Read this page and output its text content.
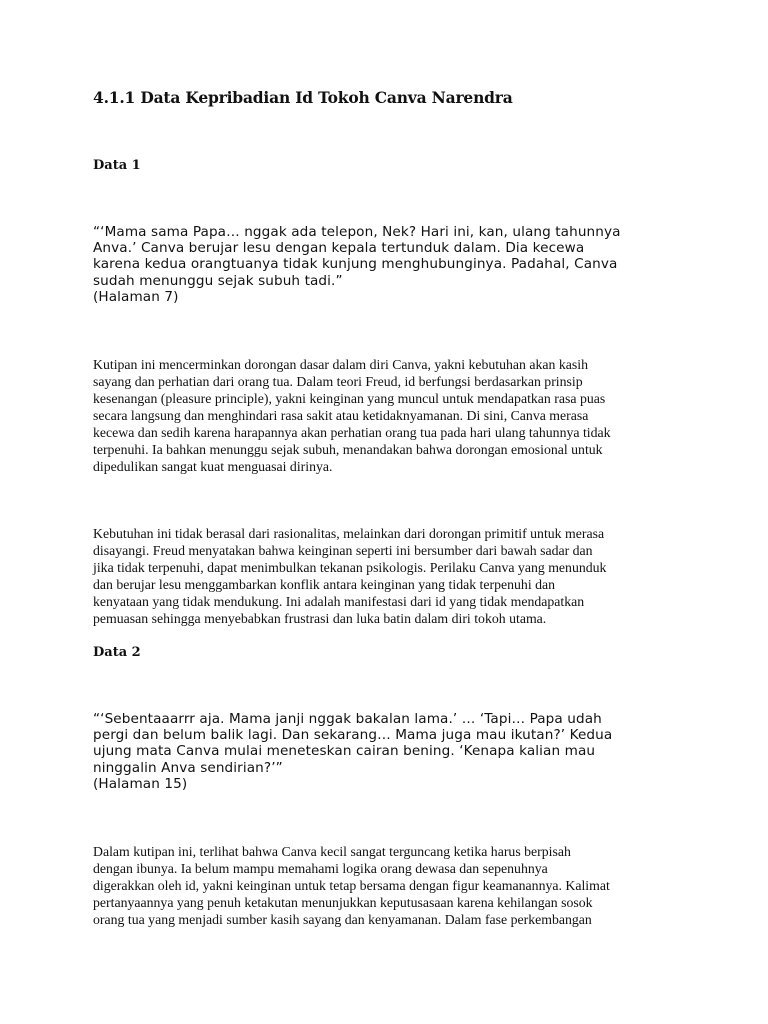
4.1.1 Data Kepribadian Id Tokoh Canva Narendra
Data 1
“‘Mama sama Papa… nggak ada telepon, Nek? Hari ini, kan, ulang tahunnya
Anva.’ Canva berujar lesu dengan kepala tertunduk dalam. Dia kecewa
karena kedua orangtuanya tidak kunjung menghubunginya. Padahal, Canva
sudah menunggu sejak subuh tadi.”
(Halaman 7)
Kutipan ini mencerminkan dorongan dasar dalam diri Canva, yakni kebutuhan akan kasih
sayang dan perhatian dari orang tua. Dalam teori Freud, id berfungsi berdasarkan prinsip
kesenangan (pleasure principle), yakni keinginan yang muncul untuk mendapatkan rasa puas
secara langsung dan menghindari rasa sakit atau ketidaknyamanan. Di sini, Canva merasa
kecewa dan sedih karena harapannya akan perhatian orang tua pada hari ulang tahunnya tidak
terpenuhi. Ia bahkan menunggu sejak subuh, menandakan bahwa dorongan emosional untuk
dipedulikan sangat kuat menguasai dirinya.
Kebutuhan ini tidak berasal dari rasionalitas, melainkan dari dorongan primitif untuk merasa
disayangi. Freud menyatakan bahwa keinginan seperti ini bersumber dari bawah sadar dan
jika tidak terpenuhi, dapat menimbulkan tekanan psikologis. Perilaku Canva yang menunduk
dan berujar lesu menggambarkan konflik antara keinginan yang tidak terpenuhi dan
kenyataan yang tidak mendukung. Ini adalah manifestasi dari id yang tidak mendapatkan
pemuasan sehingga menyebabkan frustrasi dan luka batin dalam diri tokoh utama.
Data 2
“‘Sebentaaarrr aja. Mama janji nggak bakalan lama.’ … ‘Tapi… Papa udah
pergi dan belum balik lagi. Dan sekarang… Mama juga mau ikutan?’ Kedua
ujung mata Canva mulai meneteskan cairan bening. ‘Kenapa kalian mau
ninggalin Anva sendirian?’”
(Halaman 15)
Dalam kutipan ini, terlihat bahwa Canva kecil sangat terguncang ketika harus berpisah
dengan ibunya. Ia belum mampu memahami logika orang dewasa dan sepenuhnya
digerakkan oleh id, yakni keinginan untuk tetap bersama dengan figur keamanannya. Kalimat
pertanyaannya yang penuh ketakutan menunjukkan keputusasaan karena kehilangan sosok
orang tua yang menjadi sumber kasih sayang dan kenyamanan. Dalam fase perkembangan
